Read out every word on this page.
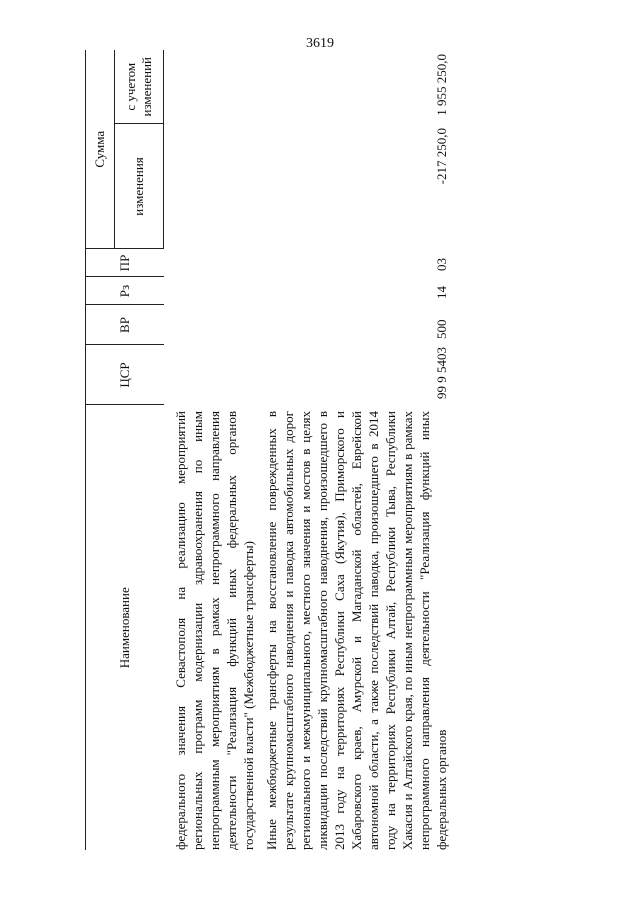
3619
Наименование	ЦСР	ВР	Рз	ПР	Сумма	
					изменения	с учетом изменений
федерального значения Севастополя на реализацию мероприятий региональных программ модернизации здравоохранения по иным непрограммным мероприятиям в рамках непрограммного направления деятельности "Реализация функций иных федеральных органов государственной власти" (Межбюджетные трансферты)						
Иные межбюджетные трансферты на восстановление поврежденных в результате крупномасштабного наводнения и паводка автомобильных дорог регионального и межмуниципального, местного значения и мостов в целях ликвидации последствий крупномасштабного наводнения, произошедшего в 2013 году на территориях Республики Саха (Якутия), Приморского и Хабаровского краев, Амурской и Магаданской областей, Еврейской автономной области, а также последствий паводка, произошедшего в 2014 году на территориях Республики Алтай, Республики Тыва, Республики Хакасия и Алтайского края, по иным непрограммным мероприятиям в рамках непрограммного направления деятельности "Реализация функций иных федеральных органов	99 9 5403	500	14	03	-217 250,0	1 955 250,0
